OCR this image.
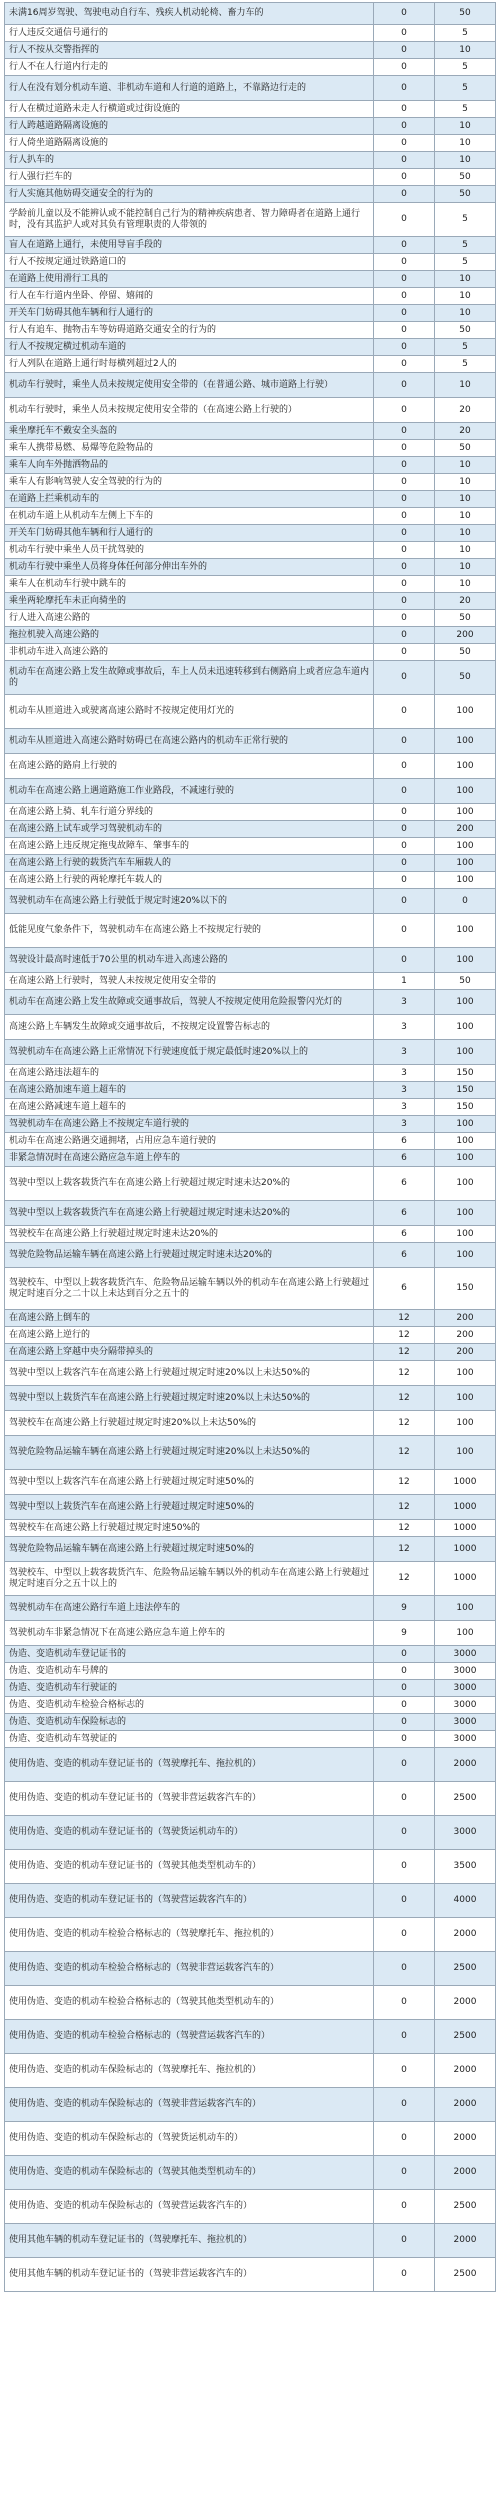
未满16周岁驾驶、驾驶电动自行车、残疾人机动轮椅、畜力车的	0	50
行人违反交通信号通行的	0	5
行人不按从交警指挥的	0	10
行人不在人行道内行走的	0	5
行人在没有划分机动车道、非机动车道和人行道的道路上，不靠路边行走的	0	5
行人在横过道路未走人行横道或过街设施的	0	5
行人跨越道路隔离设施的	0	10
行人倚坐道路隔离设施的	0	10
行人扒车的	0	10
行人强行拦车的	0	50
行人实施其他妨碍交通安全的行为的	0	50
学龄前儿童以及不能辨认或不能控制自己行为的精神疾病患者、智力障碍者在道路上通行时，没有其监护人或对其负有管理职责的人带领的	0	5
盲人在道路上通行，未使用导盲手段的	0	5
行人不按规定通过铁路道口的	0	5
在道路上使用滑行工具的	0	10
行人在车行道内坐卧、停留、嬉闹的	0	10
开关车门妨碍其他车辆和行人通行的	0	10
行人有追车、抛物击车等妨碍道路交通安全的行为的	0	50
行人不按规定横过机动车道的	0	5
行人列队在道路上通行时每横列超过2人的	0	5
机动车行驶时，乘坐人员未按规定使用安全带的（在普通公路、城市道路上行驶）	0	10
机动车行驶时，乘坐人员未按规定使用安全带的（在高速公路上行驶的）	0	20
乘坐摩托车不戴安全头盔的	0	20
乘车人携带易燃、易爆等危险物品的	0	50
乘车人向车外抛洒物品的	0	10
乘车人有影响驾驶人安全驾驶的行为的	0	10
在道路上拦乘机动车的	0	10
在机动车道上从机动车左侧上下车的	0	10
开关车门妨碍其他车辆和行人通行的	0	10
机动车行驶中乘坐人员干扰驾驶的	0	10
机动车行驶中乘坐人员将身体任何部分伸出车外的	0	10
乘车人在机动车行驶中跳车的	0	10
乘坐两轮摩托车未正向骑坐的	0	20
行人进入高速公路的	0	50
拖拉机驶入高速公路的	0	200
非机动车进入高速公路的	0	50
机动车在高速公路上发生故障或事故后，车上人员未迅速转移到右侧路肩上或者应急车道内的	0	50
机动车从匝道进入或驶离高速公路时不按规定使用灯光的	0	100
机动车从匝道进入高速公路时妨碍已在高速公路内的机动车正常行驶的	0	100
在高速公路的路肩上行驶的	0	100
机动车在高速公路上遇道路施工作业路段，不减速行驶的	0	100
在高速公路上骑、轧车行道分界线的	0	100
在高速公路上试车或学习驾驶机动车的	0	200
在高速公路上违反规定拖曳故障车、肇事车的	0	100
在高速公路上行驶的载货汽车车厢载人的	0	100
在高速公路上行驶的两轮摩托车载人的	0	100
驾驶机动车在高速公路上行驶低于规定时速20%以下的	0	0
低能见度气象条件下，驾驶机动车在高速公路上不按规定行驶的	0	100
驾驶设计最高时速低于70公里的机动车进入高速公路的	0	100
在高速公路上行驶时，驾驶人未按规定使用安全带的	1	50
机动车在高速公路上发生故障或交通事故后，驾驶人不按规定使用危险报警闪光灯的	3	100
高速公路上车辆发生故障或交通事故后，不按规定设置警告标志的	3	100
驾驶机动车在高速公路上正常情况下行驶速度低于规定最低时速20%以上的	3	100
在高速公路违法超车的	3	150
在高速公路加速车道上超车的	3	150
在高速公路减速车道上超车的	3	150
驾驶机动车在高速公路上不按规定车道行驶的	3	100
机动车在高速公路遇交通拥堵，占用应急车道行驶的	6	100
非紧急情况时在高速公路应急车道上停车的	6	100
驾驶中型以上载客载货汽车在高速公路上行驶超过规定时速未达20%的	6	100
驾驶中型以上载客载货汽车在高速公路上行驶超过规定时速未达20%的	6	100
驾驶校车在高速公路上行驶超过规定时速未达20%的	6	100
驾驶危险物品运输车辆在高速公路上行驶超过规定时速未达20%的	6	100
驾驶校车、中型以上载客载货汽车、危险物品运输车辆以外的机动车在高速公路上行驶超过规定时速百分之二十以上未达到百分之五十的	6	150
在高速公路上倒车的	12	200
在高速公路上逆行的	12	200
在高速公路上穿越中央分隔带掉头的	12	200
驾驶中型以上载客汽车在高速公路上行驶超过规定时速20%以上未达50%的	12	100
驾驶中型以上载货汽车在高速公路上行驶超过规定时速20%以上未达50%的	12	100
驾驶校车在高速公路上行驶超过规定时速20%以上未达50%的	12	100
驾驶危险物品运输车辆在高速公路上行驶超过规定时速20%以上未达50%的	12	100
驾驶中型以上载客汽车在高速公路上行驶超过规定时速50%的	12	1000
驾驶中型以上载货汽车在高速公路上行驶超过规定时速50%的	12	1000
驾驶校车在高速公路上行驶超过规定时速50%的	12	1000
驾驶危险物品运输车辆在高速公路上行驶超过规定时速50%的	12	1000
驾驶校车、中型以上载客载货汽车、危险物品运输车辆以外的机动车在高速公路上行驶超过规定时速百分之五十以上的	12	1000
驾驶机动车在高速公路行车道上违法停车的	9	100
驾驶机动车非紧急情况下在高速公路应急车道上停车的	9	100
伪造、变造机动车登记证书的	0	3000
伪造、变造机动车号牌的	0	3000
伪造、变造机动车行驶证的	0	3000
伪造、变造机动车检验合格标志的	0	3000
伪造、变造机动车保险标志的	0	3000
伪造、变造机动车驾驶证的	0	3000
使用伪造、变造的机动车登记证书的（驾驶摩托车、拖拉机的）	0	2000
使用伪造、变造的机动车登记证书的（驾驶非营运载客汽车的）	0	2500
使用伪造、变造的机动车登记证书的（驾驶货运机动车的）	0	3000
使用伪造、变造的机动车登记证书的（驾驶其他类型机动车的）	0	3500
使用伪造、变造的机动车登记证书的（驾驶营运载客汽车的）	0	4000
使用伪造、变造的机动车检验合格标志的（驾驶摩托车、拖拉机的）	0	2000
使用伪造、变造的机动车检验合格标志的（驾驶非营运载客汽车的）	0	2500
使用伪造、变造的机动车检验合格标志的（驾驶其他类型机动车的）	0	2000
使用伪造、变造的机动车检验合格标志的（驾驶营运载客汽车的）	0	2500
使用伪造、变造的机动车保险标志的（驾驶摩托车、拖拉机的）	0	2000
使用伪造、变造的机动车保险标志的（驾驶非营运载客汽车的）	0	2000
使用伪造、变造的机动车保险标志的（驾驶货运机动车的）	0	2000
使用伪造、变造的机动车保险标志的（驾驶其他类型机动车的）	0	2000
使用伪造、变造的机动车保险标志的（驾驶营运载客汽车的）	0	2500
使用其他车辆的机动车登记证书的（驾驶摩托车、拖拉机的）	0	2000
使用其他车辆的机动车登记证书的（驾驶非营运载客汽车的）	0	2500
